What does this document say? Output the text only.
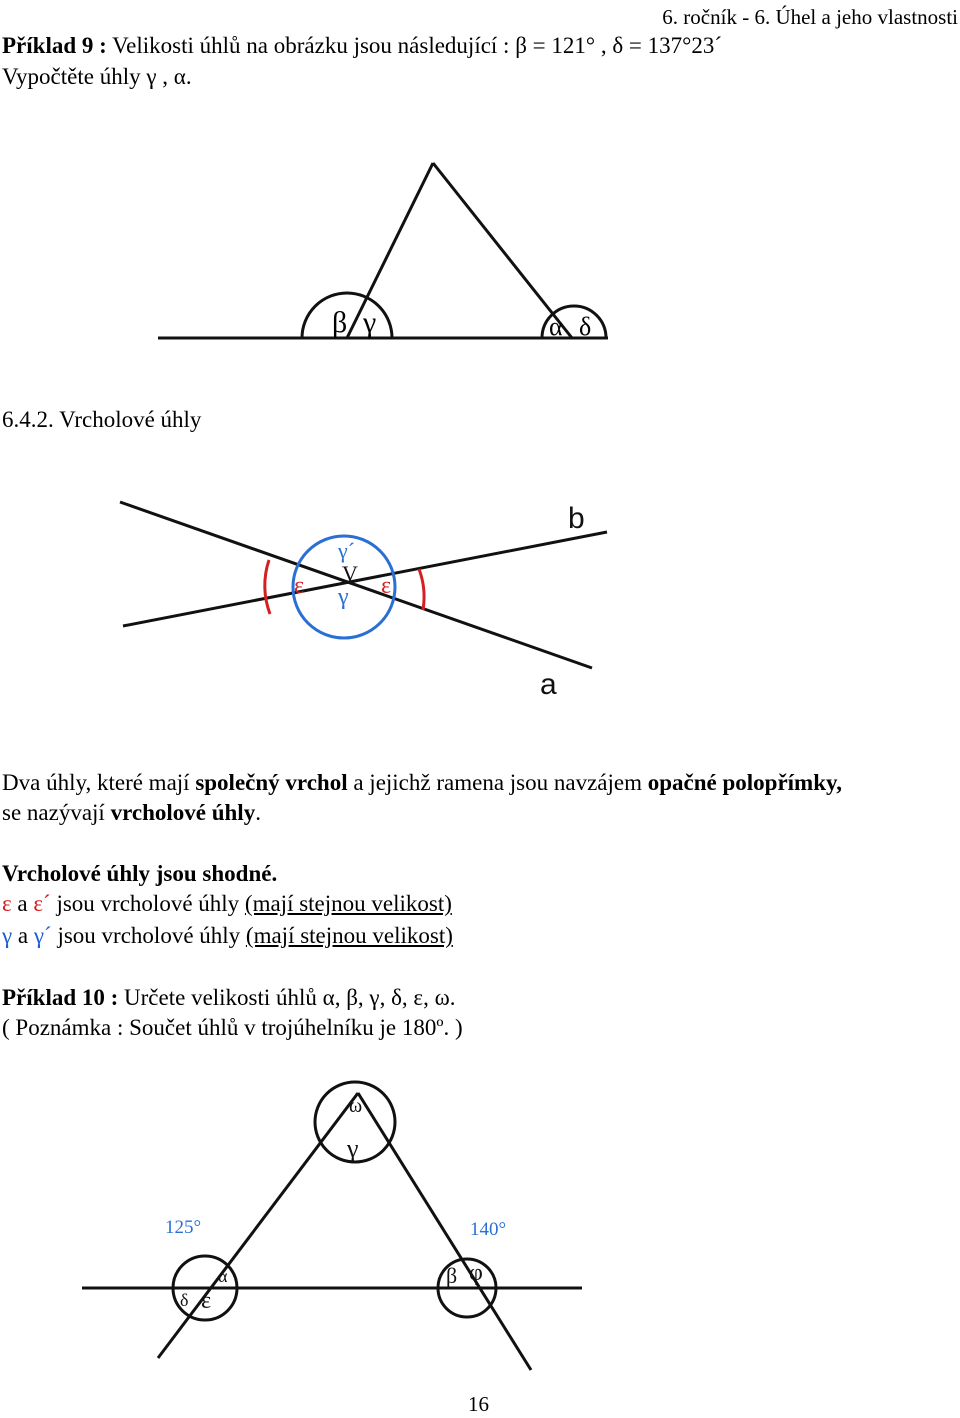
6. ročník - 6. Úhel a jeho vlastnosti
Příklad 9 : Velikosti úhlů na obrázku jsou následující : β = 121° , δ = 137°23´
Vypočtěte úhly γ , α.
β γ	α δ
6.4.2. Vrcholové úhly
b
a
V
γ´
γ
ε	ε
Dva úhly, které mají společný vrchol a jejichž ramena jsou navzájem opačné polopřímky,
se nazývají vrcholové úhly.
Vrcholové úhly jsou shodné.
ε a ε´ jsou vrcholové úhly (mají stejnou velikost)
γ a γ´ jsou vrcholové úhly (mají stejnou velikost)
Příklad 10 : Určete velikosti úhlů α, β, γ, δ, ε, ω.
( Poznámka : Součet úhlů v trojúhelníku je 180º. )
ω
γ
125°	140°
α
δ ε
β φ
16
